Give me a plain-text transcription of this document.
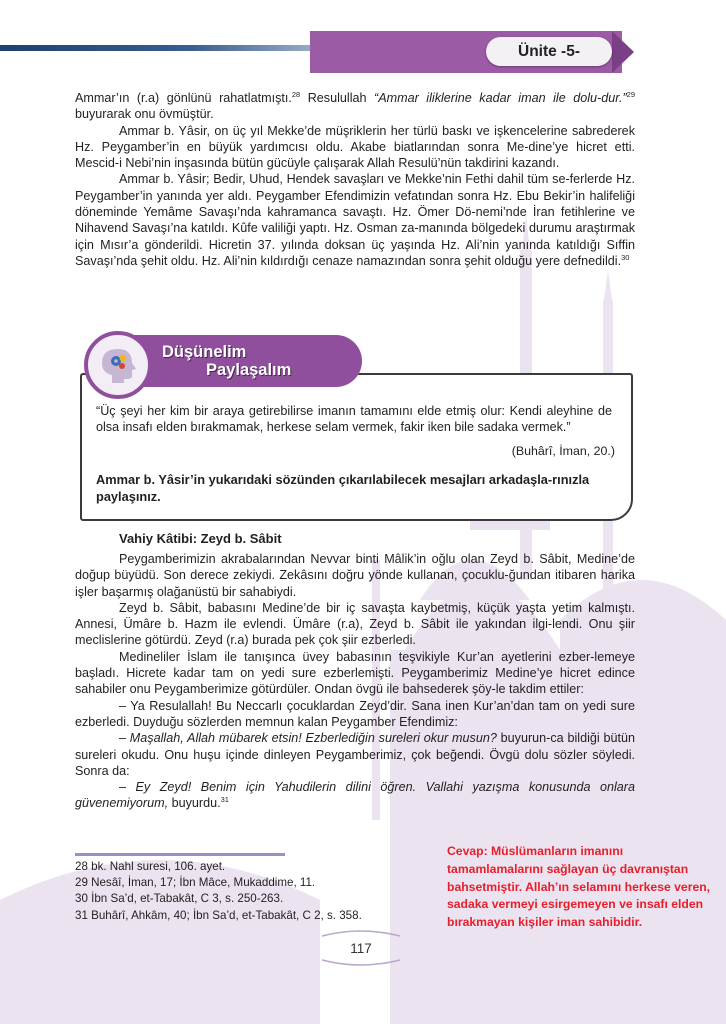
Ünite -5-

Ammar’ın (r.a) gönlünü rahatlatmıştı.$^{28}$ Resulullah “Ammar iliklerine kadar iman ile dolu-dur.”$^{29}$ buyurarak onu övmüştür.

Ammar b. Yâsir, on üç yıl Mekke’de müşriklerin her türlü baskı ve işkencelerine sabrederek Hz. Peygamber’in en büyük yardımcısı oldu. Akabe biatlarından sonra Me-dine’ye hicret etti. Mescid-i Nebi’nin inşasında bütün gücüyle çalışarak Allah Resulü’nün takdirini kazandı.

Ammar b. Yâsir; Bedir, Uhud, Hendek savaşları ve Mekke’nin Fethi dahil tüm se-ferlerde Hz. Peygamber’in yanında yer aldı. Peygamber Efendimizin vefatından sonra Hz. Ebu Bekir’in halifeliği döneminde Yemâme Savaşı’nda kahramanca savaştı. Hz. Ömer Dö-nemi’nde İran fetihlerine ve Nihavend Savaşı’na katıldı. Kûfe valiliği yaptı. Hz. Osman za-manında bölgedeki durumu araştırmak için Mısır’a gönderildi. Hicretin 37. yılında doksan üç yaşında Hz. Ali’nin yanında katıldığı Sıffin Savaşı’nda şehit oldu. Hz. Ali’nin kıldırdığı cenaze namazından sonra şehit olduğu yere defnedildi.$^{30}$

“Üç şeyi her kim bir araya getirebilirse imanın tamamını elde etmiş olur: Kendi aleyhine de olsa insafı elden bırakmamak, herkese selam vermek, fakir iken bile sadaka vermek.”
(Buhârî, İman, 20.)
Ammar b. Yâsir’in yukarıdaki sözünden çıkarılabilecek mesajları arkadaşla-rınızla paylaşınız.
Düşünelim
Paylaşalım
Vahiy Kâtibi: Zeyd b. Sâbit

Peygamberimizin akrabalarından Nevvar binti Mâlik’in oğlu olan Zeyd b. Sâbit, Medine’de doğup büyüdü. Son derece zekiydi. Zekâsını doğru yönde kullanan, çocuklu-ğundan itibaren harika işler başarmış olağanüstü bir sahabiydi.

Zeyd b. Sâbit, babasını Medine’de bir iç savaşta kaybetmiş, küçük yaşta yetim kalmıştı. Annesi, Ümâre b. Hazm ile evlendi. Ümâre (r.a), Zeyd b. Sâbit ile yakından ilgi-lendi. Onu şiir meclislerine götürdü. Zeyd (r.a) burada pek çok şiir ezberledi.

Medineliler İslam ile tanışınca üvey babasının teşvikiyle Kur’an ayetlerini ezber-lemeye başladı. Hicrete kadar tam on yedi sure ezberlemişti. Peygamberimiz Medine’ye hicret edince sahabiler onu Peygamberimize götürdüler. Ondan övgü ile bahsederek şöy-le takdim ettiler:

– Ya Resulallah! Bu Neccarlı çocuklardan Zeyd’dir. Sana inen Kur’an’dan tam on yedi sure ezberledi. Duyduğu sözlerden memnun kalan Peygamber Efendimiz:

– Maşallah, Allah mübarek etsin! Ezberlediğin sureleri okur musun? buyurun-ca bildiği bütün sureleri okudu. Onu huşu içinde dinleyen Peygamberimiz, çok beğendi. Övgü dolu sözler söyledi. Sonra da:

– Ey Zeyd! Benim için Yahudilerin dilini öğren. Vallahi yazışma konusunda onlara güvenemiyorum, buyurdu.$^{31}$

28 bk. Nahl suresi, 106. ayet.
29 Nesâî, İman, 17; İbn Mâce, Mukaddime, 11.
30 İbn Sa’d, et-Tabakât, C 3, s. 250-263.
31 Buhârî, Ahkâm, 40; İbn Sa’d, et-Tabakât, C 2, s. 358.
Cevap: Müslümanların imanını tamamlamalarını sağlayan üç davranıştan bahsetmiştir. Allah’ın selamını herkese veren, sadaka vermeyi esirgemeyen ve insafı elden bırakmayan kişiler iman sahibidir.
117
